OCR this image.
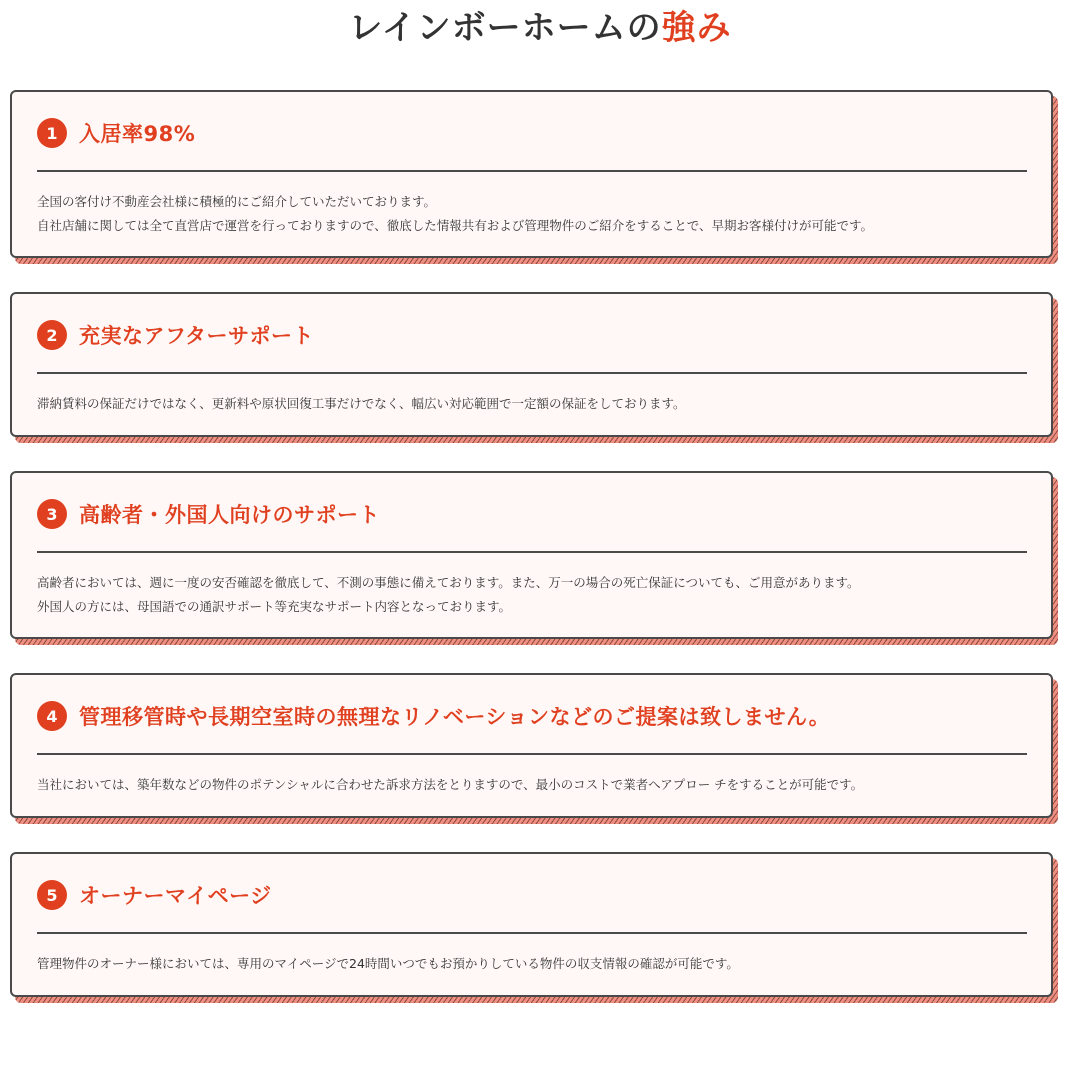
レインボーホームの強み
1	入居率98%

全国の客付け不動産会社様に積極的にご紹介していただいております。

自社店舗に関しては全て直営店で運営を行っておりますので、徹底した情報共有および管理物件のご紹介をすることで、早期お客様付けが可能です。

2	充実なアフターサポート

滞納賃料の保証だけではなく、更新料や原状回復工事だけでなく、幅広い対応範囲で一定額の保証をしております。

3	高齢者・外国人向けのサポート

高齢者においては、週に一度の安否確認を徹底して、不測の事態に備えております。また、万一の場合の死亡保証についても、ご用意があります。

外国人の方には、母国語での通訳サポート等充実なサポート内容となっております。

4	管理移管時や長期空室時の無理なリノベーションなどのご提案は致しません。

当社においては、築年数などの物件のポテンシャルに合わせた訴求方法をとりますので、最小のコストで業者へアプロー チをすることが可能です。

5	オーナーマイページ

管理物件のオーナー様においては、専用のマイページで24時間いつでもお預かりしている物件の収支情報の確認が可能です。
